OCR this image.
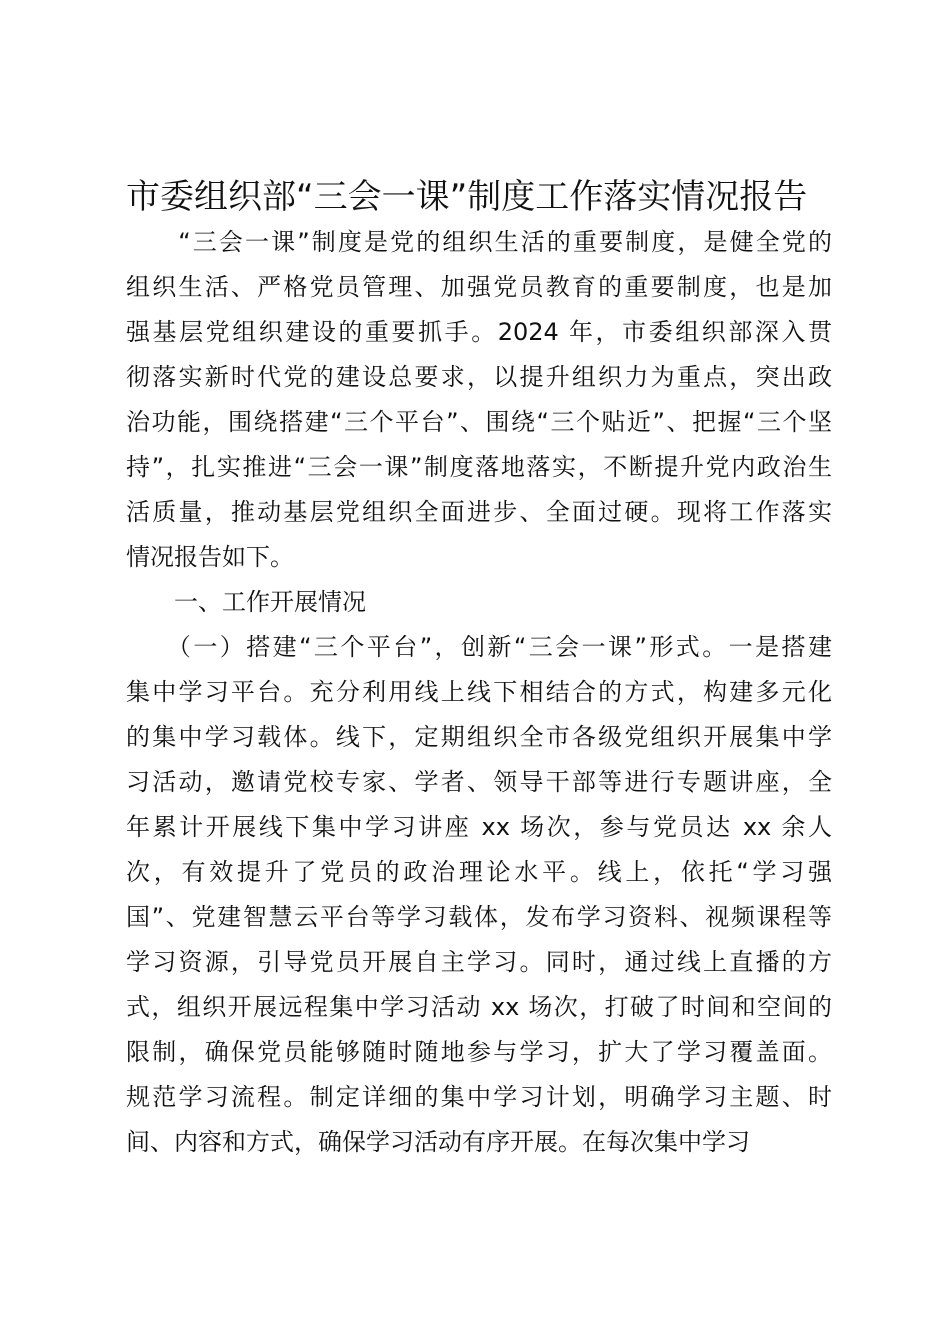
市委组织部“三会一课”制度工作落实情况报告
　　“三会一课”制度是党的组织生活的重要制度，是健全党的
组织生活、严格党员管理、加强党员教育的重要制度，也是加
强基层党组织建设的重要抓手。2024 年，市委组织部深入贯
彻落实新时代党的建设总要求，以提升组织力为重点，突出政
治功能，围绕搭建“三个平台”、围绕“三个贴近”、把握“三个坚
持”，扎实推进“三会一课”制度落地落实，不断提升党内政治生
活质量，推动基层党组织全面进步、全面过硬。现将工作落实
情况报告如下。
　　一、工作开展情况
　　（一）搭建“三个平台”，创新“三会一课”形式。一是搭建
集中学习平台。充分利用线上线下相结合的方式，构建多元化
的集中学习载体。线下，定期组织全市各级党组织开展集中学
习活动，邀请党校专家、学者、领导干部等进行专题讲座，全
年累计开展线下集中学习讲座 xx 场次，参与党员达 xx 余人
次，有效提升了党员的政治理论水平。线上，依托“学习强
国”、党建智慧云平台等学习载体，发布学习资料、视频课程等
学习资源，引导党员开展自主学习。同时，通过线上直播的方
式，组织开展远程集中学习活动 xx 场次，打破了时间和空间的
限制，确保党员能够随时随地参与学习，扩大了学习覆盖面。
规范学习流程。制定详细的集中学习计划，明确学习主题、时
间、内容和方式，确保学习活动有序开展。在每次集中学习
